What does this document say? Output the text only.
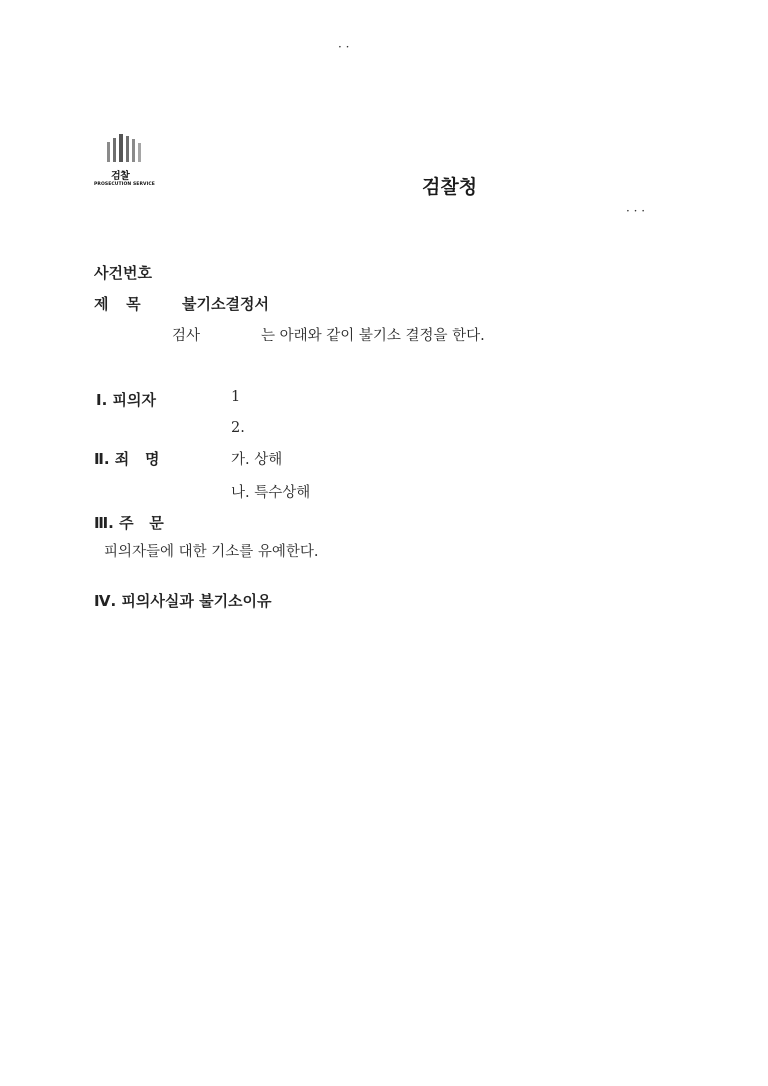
· ·
검찰
PROSECUTION SERVICE	검찰청
· · ·
사건번호
제   목	불기소결정서
검사	는 아래와 같이 불기소 결정을 한다.
Ⅰ. 피의자	1
2.
Ⅱ. 죄   명	가. 상해
나. 특수상해
Ⅲ. 주   문
피의자들에 대한 기소를 유예한다.
Ⅳ. 피의사실과 불기소이유
